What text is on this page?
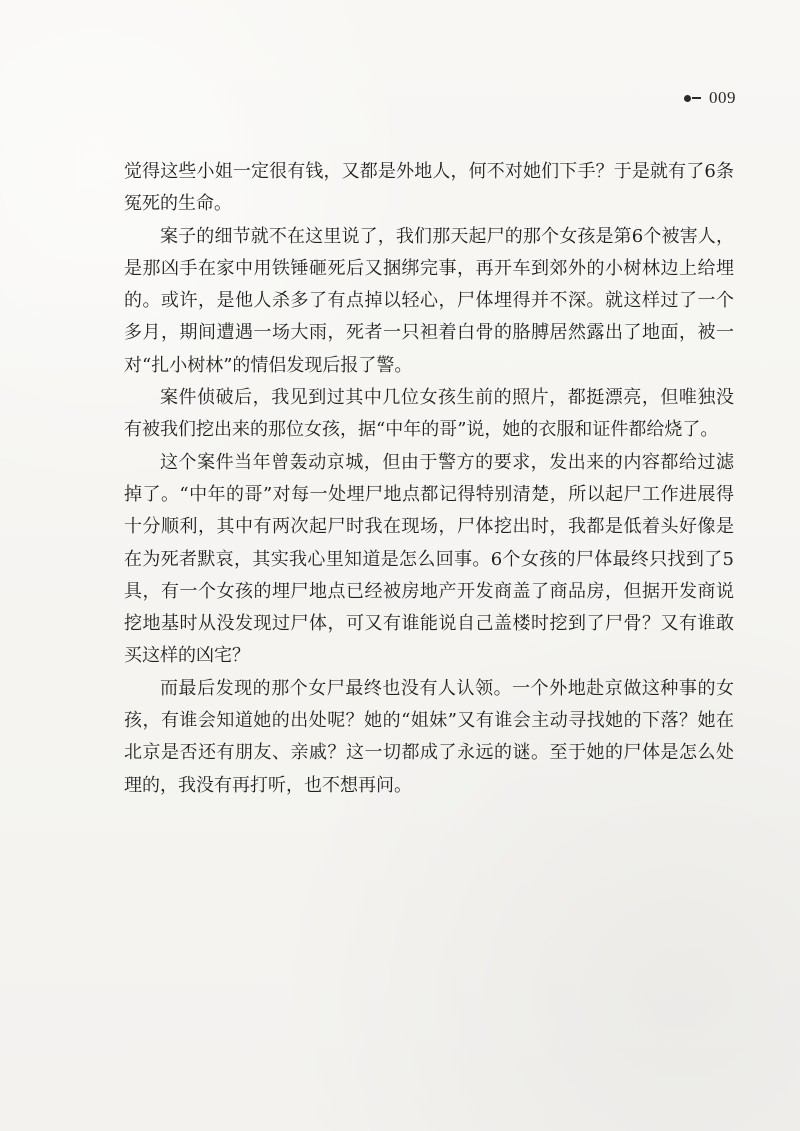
009

觉得这些小姐一定很有钱，又都是外地人，何不对她们下手？于是就有了6条冤死的生命。

案子的细节就不在这里说了，我们那天起尸的那个女孩是第6个被害人，是那凶手在家中用铁锤砸死后又捆绑完事，再开车到郊外的小树林边上给埋的。或许，是他人杀多了有点掉以轻心，尸体埋得并不深。就这样过了一个多月，期间遭遇一场大雨，死者一只袒着白骨的胳膊居然露出了地面，被一对“扎小树林”的情侣发现后报了警。

案件侦破后，我见到过其中几位女孩生前的照片，都挺漂亮，但唯独没有被我们挖出来的那位女孩，据“中年的哥”说，她的衣服和证件都给烧了。

这个案件当年曾轰动京城，但由于警方的要求，发出来的内容都给过滤掉了。“中年的哥”对每一处埋尸地点都记得特别清楚，所以起尸工作进展得十分顺利，其中有两次起尸时我在现场，尸体挖出时，我都是低着头好像是在为死者默哀，其实我心里知道是怎么回事。6个女孩的尸体最终只找到了5具，有一个女孩的埋尸地点已经被房地产开发商盖了商品房，但据开发商说挖地基时从没发现过尸体，可又有谁能说自己盖楼时挖到了尸骨？又有谁敢买这样的凶宅？

而最后发现的那个女尸最终也没有人认领。一个外地赴京做这种事的女孩，有谁会知道她的出处呢？她的“姐妹”又有谁会主动寻找她的下落？她在北京是否还有朋友、亲戚？这一切都成了永远的谜。至于她的尸体是怎么处理的，我没有再打听，也不想再问。
